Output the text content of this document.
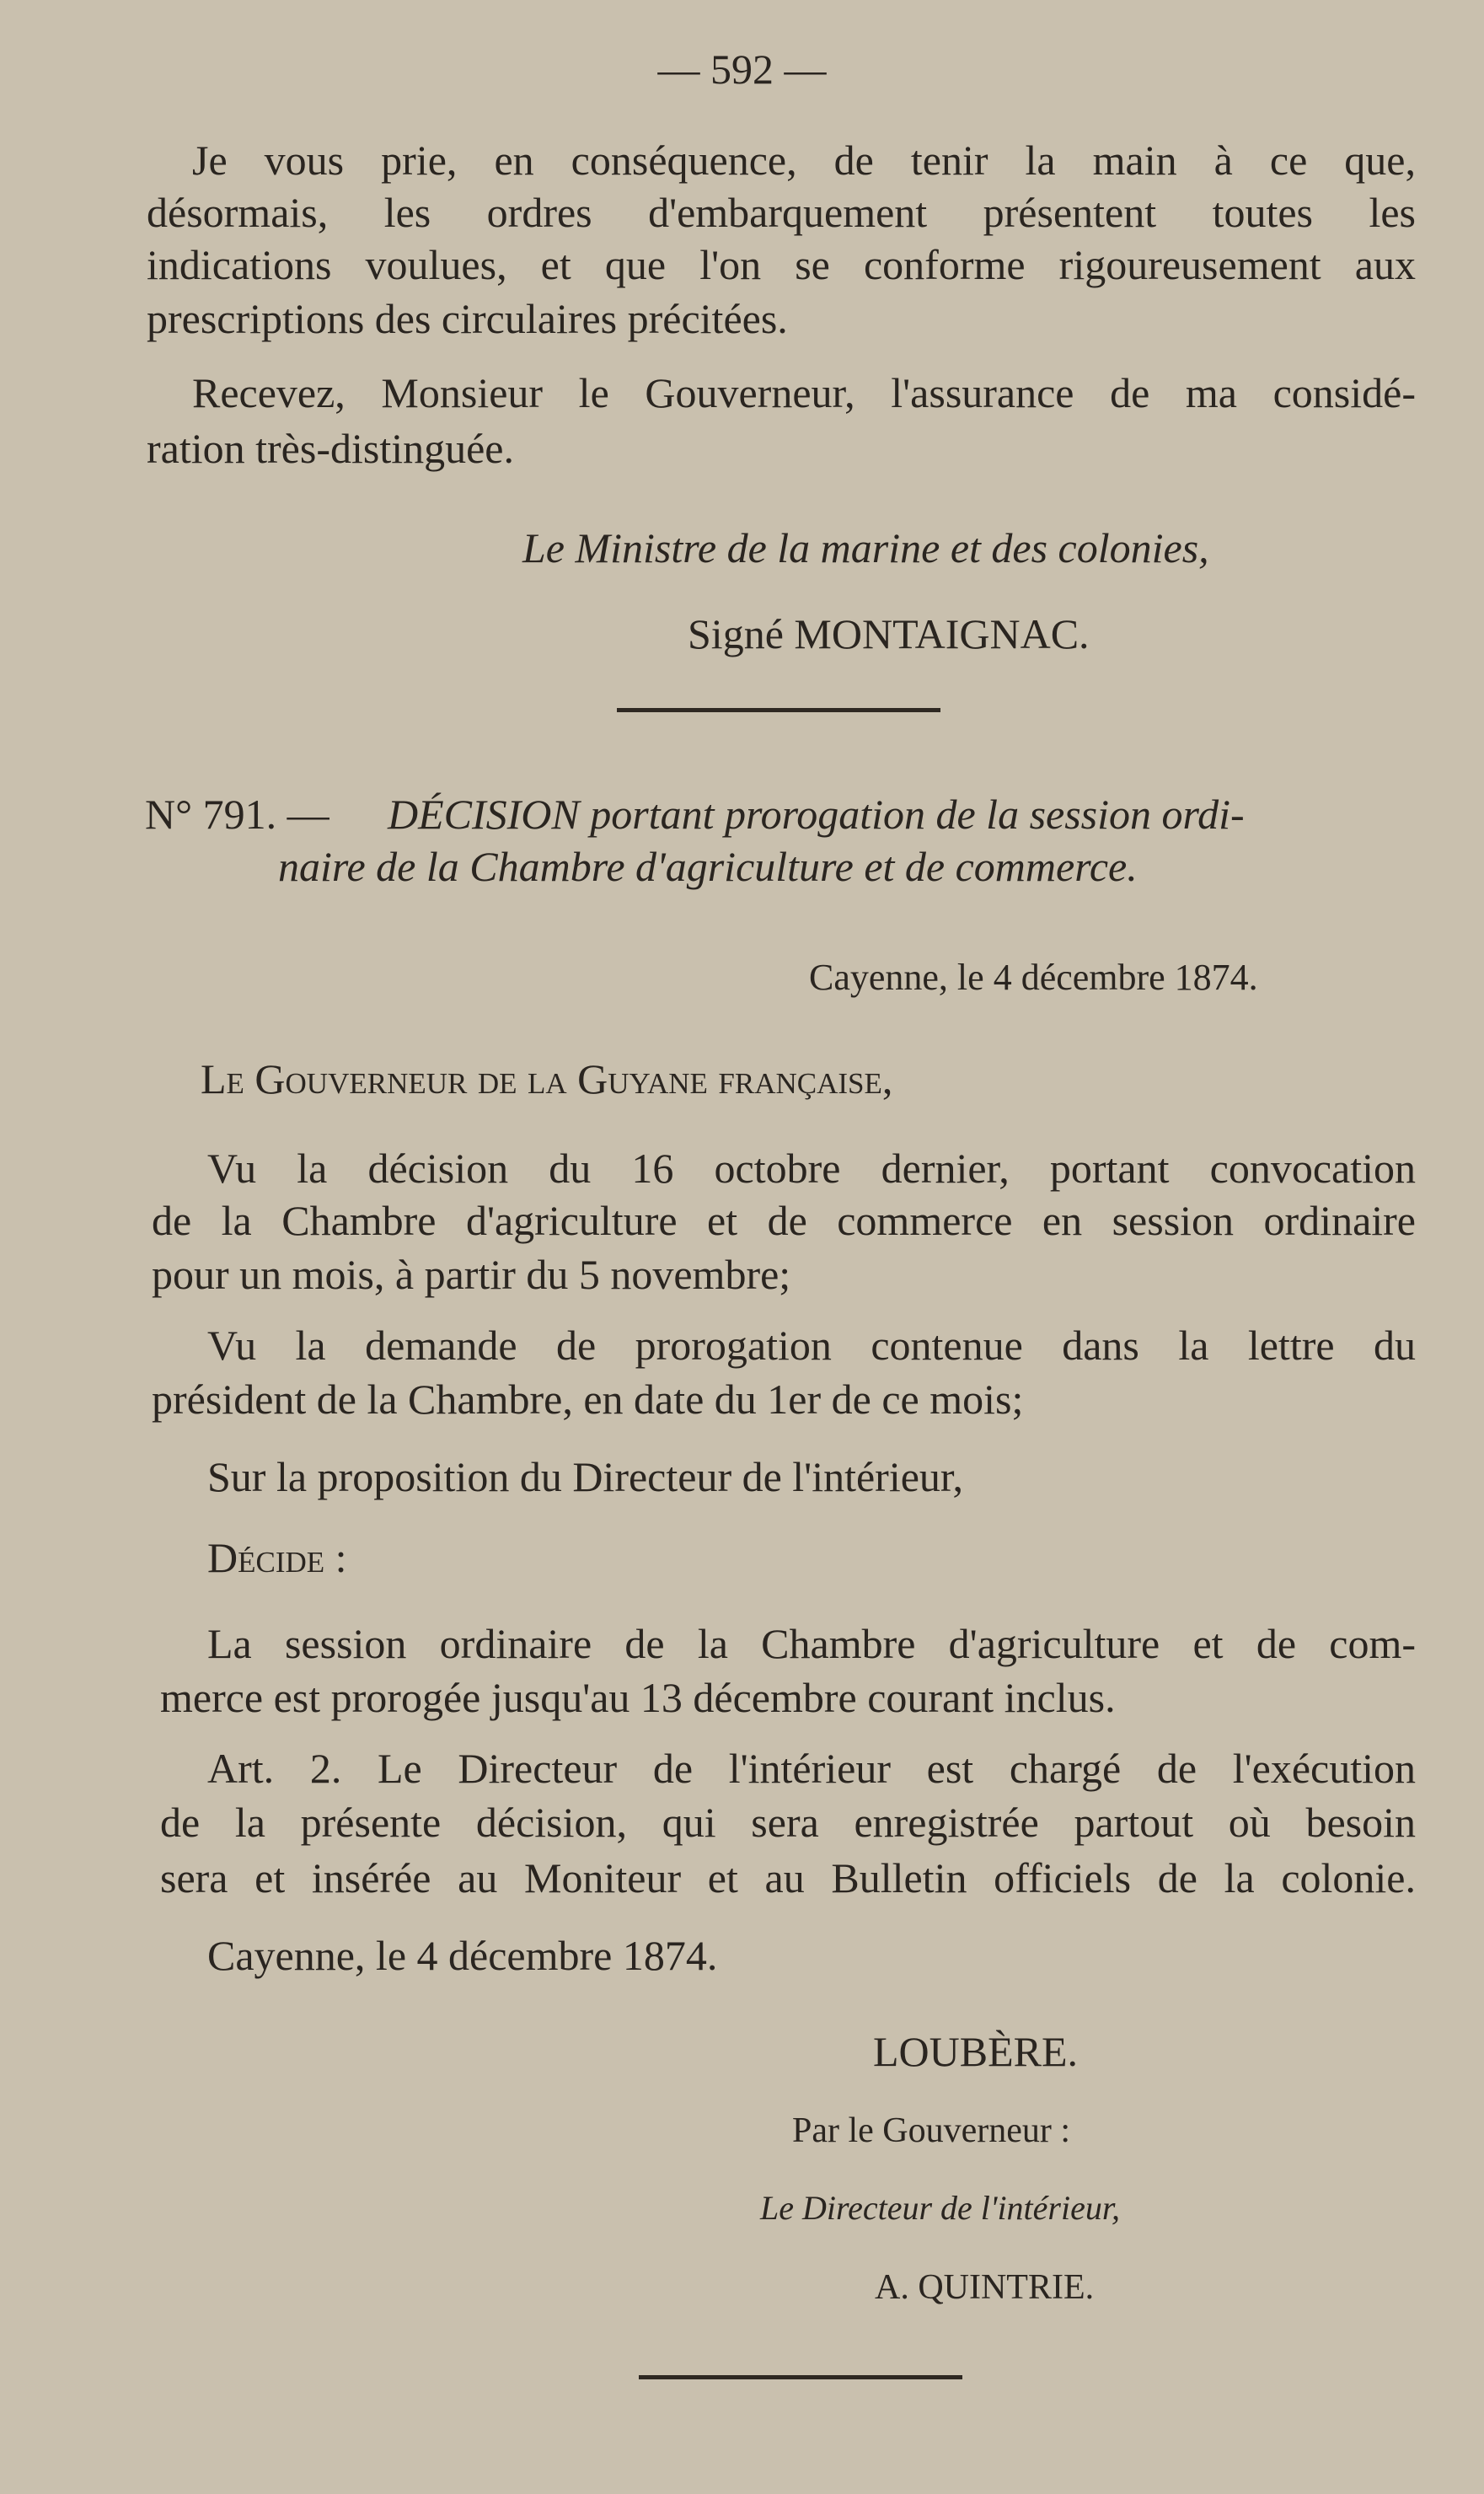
— 592 —
Je vous prie, en conséquence, de tenir la main à ce que,
désormais, les ordres d'embarquement présentent toutes les
indications voulues, et que l'on se conforme rigoureusement aux
prescriptions des circulaires précitées.
Recevez, Monsieur le Gouverneur, l'assurance de ma considé-
ration très-distinguée.
Le Ministre de la marine et des colonies,
Signé MONTAIGNAC.
N° 791. — DÉCISION portant prorogation de la session ordi-
naire de la Chambre d'agriculture et de commerce.
Cayenne, le 4 décembre 1874.
Le Gouverneur de la Guyane française,
Vu la décision du 16 octobre dernier, portant convocation
de la Chambre d'agriculture et de commerce en session ordinaire
pour un mois, à partir du 5 novembre;
Vu la demande de prorogation contenue dans la lettre du
président de la Chambre, en date du 1er de ce mois;
Sur la proposition du Directeur de l'intérieur,
Décide :
La session ordinaire de la Chambre d'agriculture et de com-
merce est prorogée jusqu'au 13 décembre courant inclus.
Art. 2. Le Directeur de l'intérieur est chargé de l'exécution
de la présente décision, qui sera enregistrée partout où besoin
sera et insérée au Moniteur et au Bulletin officiels de la colonie.
Cayenne, le 4 décembre 1874.
LOUBÈRE.
Par le Gouverneur :
Le Directeur de l'intérieur,
A. QUINTRIE.
